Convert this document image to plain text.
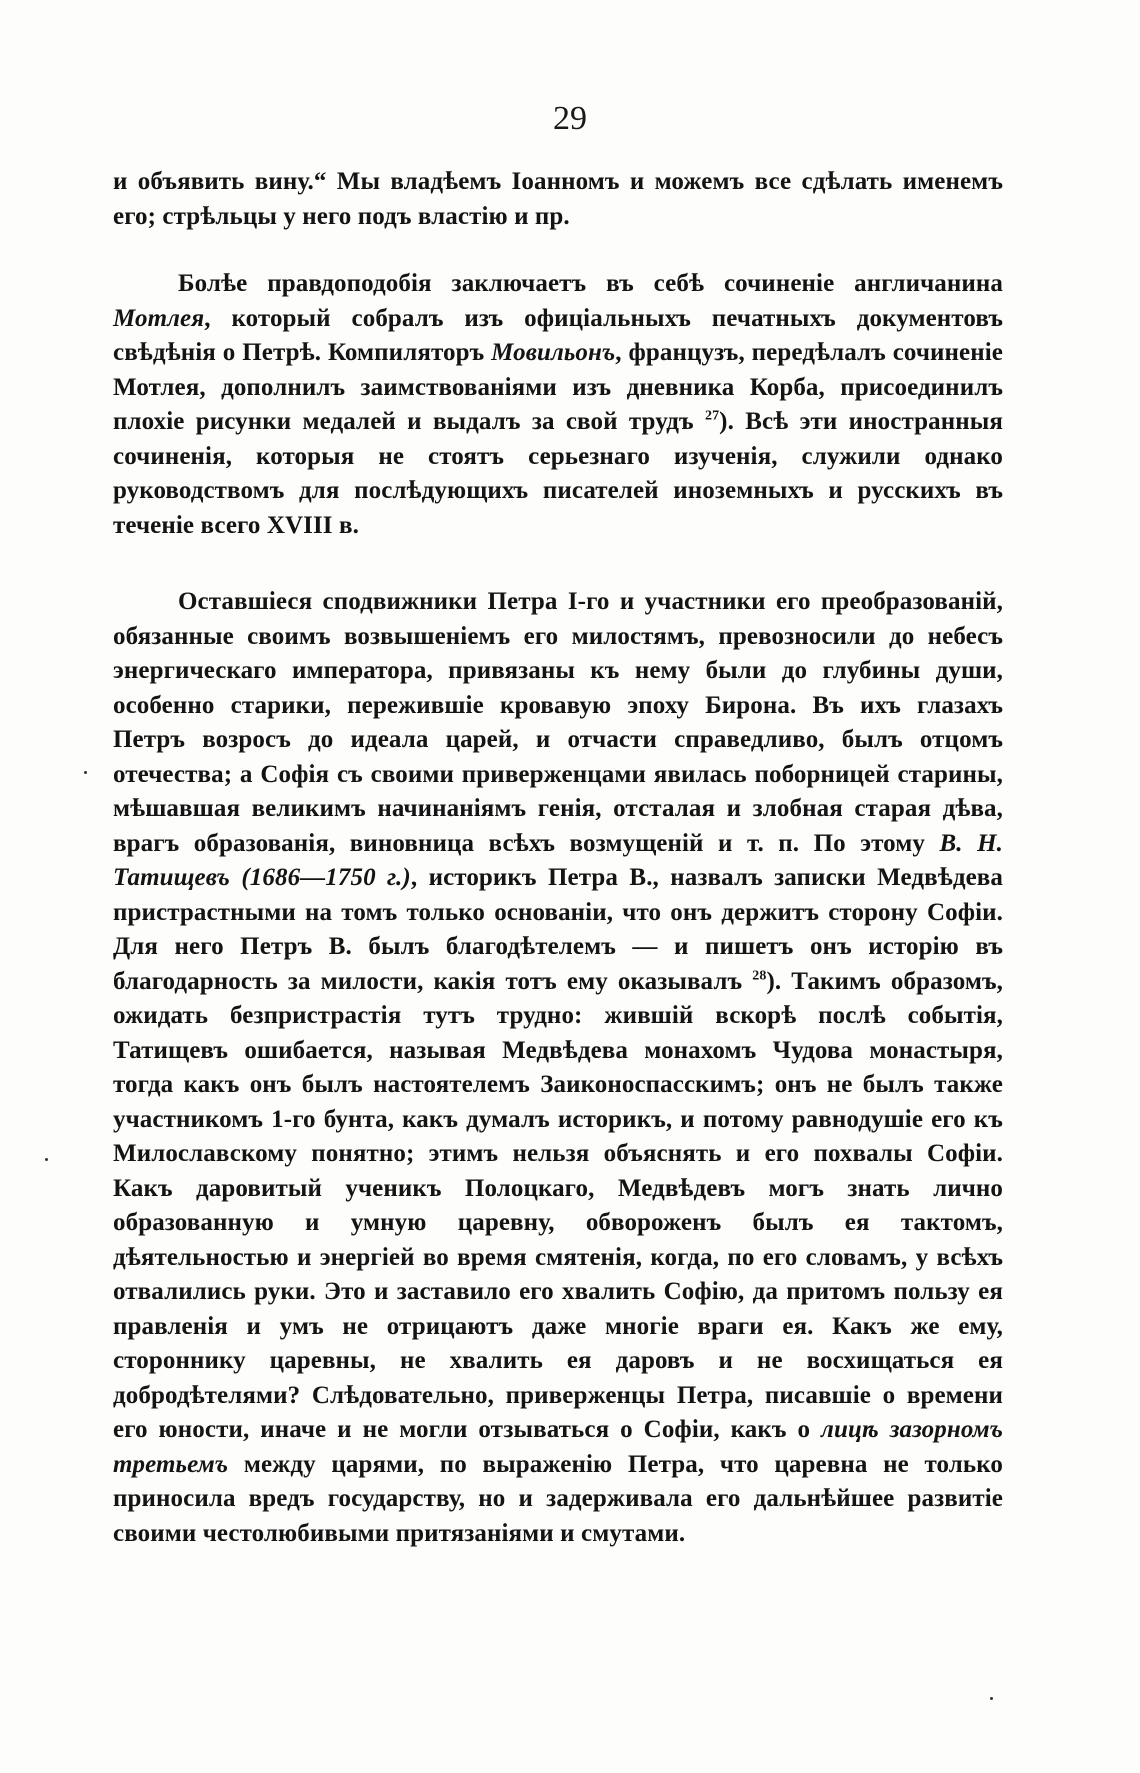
29

и объявить вину.“ Мы владѣемъ Іоанномъ и можемъ все сдѣлать именемъ его; стрѣльцы у него подъ властію и пр.

Болѣе правдоподобія заключаетъ въ себѣ сочиненіе англичанина Мотлея, который собралъ изъ офиціальныхъ печатныхъ документовъ свѣдѣнія о Петрѣ. Компиляторъ Мовильонъ, французъ, передѣлалъ сочиненіе Мотлея, дополнилъ заимствованіями изъ дневника Корба, присоединилъ плохіе рисунки медалей и выдалъ за свой трудъ $^{27}$). Всѣ эти иностранныя сочиненія, которыя не стоятъ серьезнаго изученія, служили однако руководствомъ для послѣдующихъ писателей иноземныхъ и русскихъ въ теченіе всего XVIII в.

Оставшіеся сподвижники Петра I-го и участники его преобразованій, обязанные своимъ возвышеніемъ его милостямъ, превозносили до небесъ энергическаго императора, привязаны къ нему были до глубины души, особенно старики, пережившіе кровавую эпоху Бирона. Въ ихъ глазахъ Петръ возросъ до идеала царей, и отчасти справедливо, былъ отцомъ отечества; а Софія съ своими приверженцами явилась поборницей старины, мѣшавшая великимъ начинаніямъ генія, отсталая и злобная старая дѣва, врагъ образованія, виновница всѣхъ возмущеній и т. п. По этому В. Н. Татищевъ (1686—1750 г.), историкъ Петра В., назвалъ записки Медвѣдева пристрастными на томъ только основаніи, что онъ держитъ сторону Софіи. Для него Петръ В. былъ благодѣтелемъ — и пишетъ онъ исторію въ благодарность за милости, какія тотъ ему оказывалъ $^{28}$). Такимъ образомъ, ожидать безпристрастія тутъ трудно: жившій вскорѣ послѣ событія, Татищевъ ошибается, называя Медвѣдева монахомъ Чудова монастыря, тогда какъ онъ былъ настоятелемъ Заиконоспасскимъ; онъ не былъ также участникомъ 1-го бунта, какъ думалъ историкъ, и потому равнодушіе его къ Милославскому понятно; этимъ нельзя объяснять и его похвалы Софіи. Какъ даровитый ученикъ Полоцкаго, Медвѣдевъ могъ знать лично образованную и умную царевну, обвороженъ былъ ея тактомъ, дѣятельностью и энергіей во время смятенія, когда, по его словамъ, у всѣхъ отвалились руки. Это и заставило его хвалить Софію, да притомъ пользу ея правленія и умъ не отрицаютъ даже многіе враги ея. Какъ же ему, стороннику царевны, не хвалить ея даровъ и не восхищаться ея добродѣтелями? Слѣдовательно, приверженцы Петра, писавшіе о времени его юности, иначе и не могли отзываться о Софіи, какъ о лицѣ зазорномъ третьемъ между царями, по выраженію Петра, что царевна не только приносила вредъ государству, но и задерживала его дальнѣйшее развитіе своими честолюбивыми притязаніями и смутами.
